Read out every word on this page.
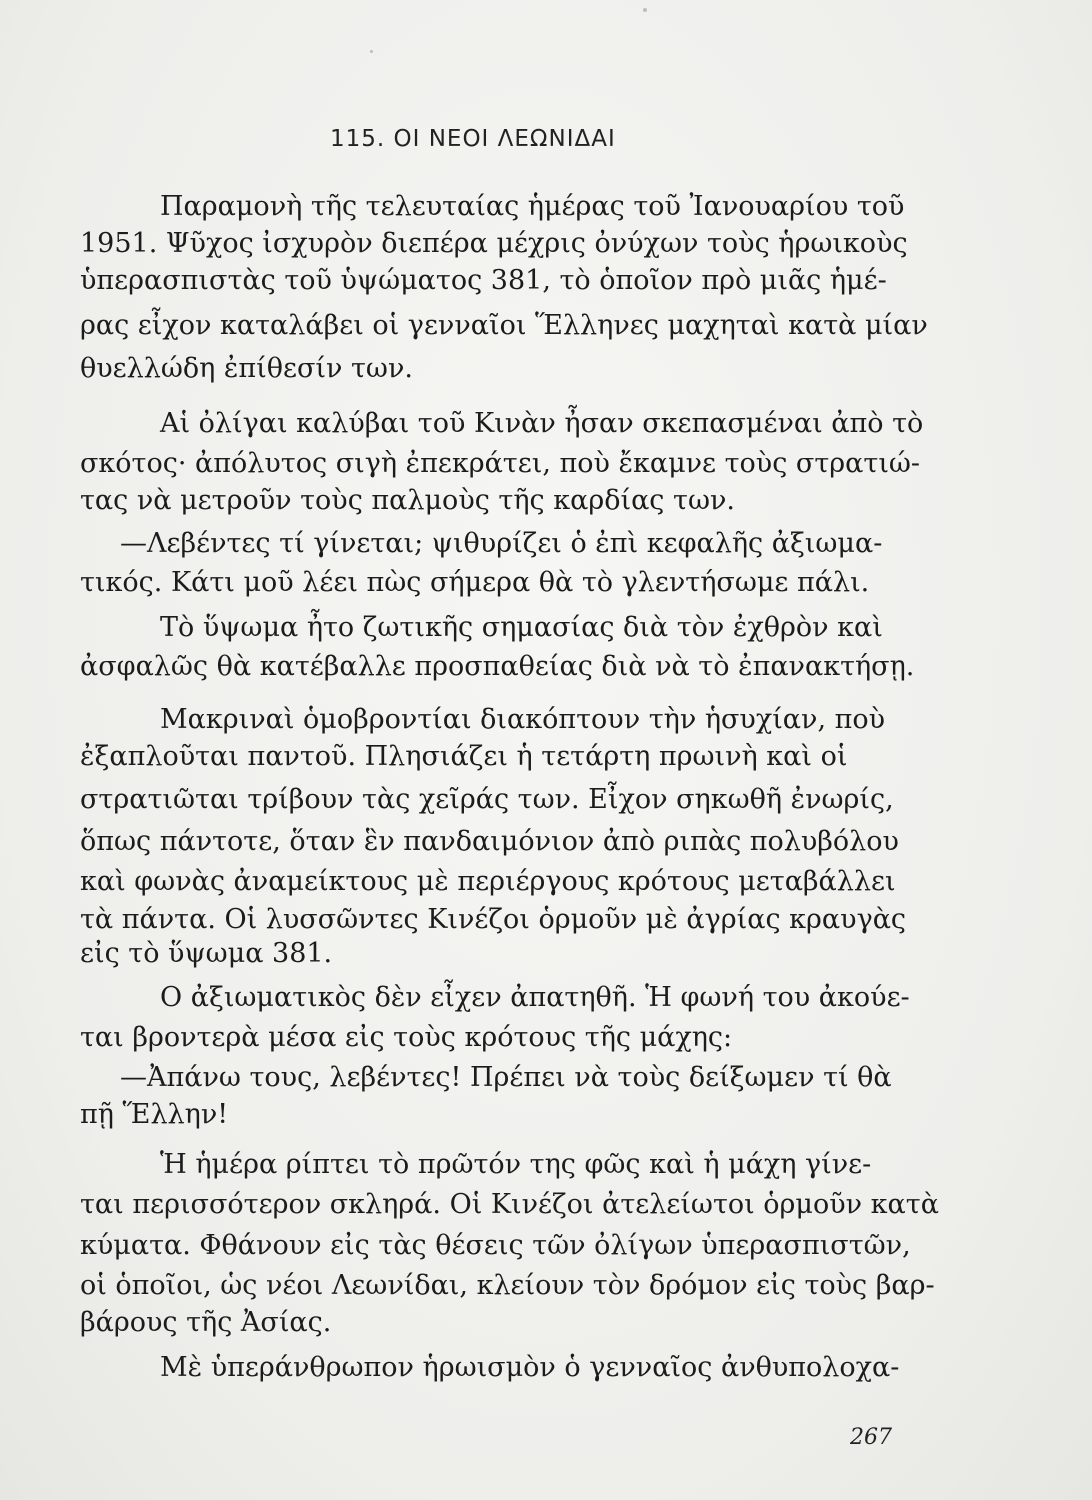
115. ΟΙ ΝΕΟΙ ΛΕΩΝΙΔΑΙ
Παραμονὴ τῆς τελευταίας ἡμέρας τοῦ Ἰανουαρίου τοῦ
1951. Ψῦχος ἰσχυρὸν διεπέρα μέχρις ὀνύχων τοὺς ἡρωικοὺς
ὑπερασπιστὰς τοῦ ὑψώματος 381, τὸ ὁποῖον πρὸ μιᾶς ἡμέ-
ρας εἶχον καταλάβει οἱ γενναῖοι Ἕλληνες μαχηταὶ κατὰ μίαν
θυελλώδη ἐπίθεσίν των.
Αἱ ὀλίγαι καλύβαι τοῦ Κινὰν ἦσαν σκεπασμέναι ἀπὸ τὸ
σκότος· ἀπόλυτος σιγὴ ἐπεκράτει, ποὺ ἔκαμνε τοὺς στρατιώ-
τας νὰ μετροῦν τοὺς παλμοὺς τῆς καρδίας των.
—Λεβέντες τί γίνεται; ψιθυρίζει ὁ ἐπὶ κεφαλῆς ἀξιωμα-
τικός. Κάτι μοῦ λέει πὼς σήμερα θὰ τὸ γλεντήσωμε πάλι.
Τὸ ὕψωμα ἦτο ζωτικῆς σημασίας διὰ τὸν ἐχθρὸν καὶ
ἀσφαλῶς θὰ κατέβαλλε προσπαθείας διὰ νὰ τὸ ἐπανακτήσῃ.
Μακριναὶ ὁμοβροντίαι διακόπτουν τὴν ἡσυχίαν, ποὺ
ἐξαπλοῦται παντοῦ. Πλησιάζει ἡ τετάρτη πρωινὴ καὶ οἱ
στρατιῶται τρίβουν τὰς χεῖράς των. Εἶχον σηκωθῆ ἐνωρίς,
ὅπως πάντοτε, ὅταν ἓν πανδαιμόνιον ἀπὸ ριπὰς πολυβόλου
καὶ φωνὰς ἀναμείκτους μὲ περιέργους κρότους μεταβάλλει
τὰ πάντα. Οἱ λυσσῶντες Κινέζοι ὁρμοῦν μὲ ἀγρίας κραυγὰς
εἰς τὸ ὕψωμα 381.
Ο ἀξιωματικὸς δὲν εἶχεν ἀπατηθῆ. Ἡ φωνή του ἀκούε-
ται βροντερὰ μέσα εἰς τοὺς κρότους τῆς μάχης:
—Ἀπάνω τους, λεβέντες! Πρέπει νὰ τοὺς δείξωμεν τί θὰ
πῇ Ἕλλην!
Ἡ ἡμέρα ρίπτει τὸ πρῶτόν της φῶς καὶ ἡ μάχη γίνε-
ται περισσότερον σκληρά. Οἱ Κινέζοι ἀτελείωτοι ὁρμοῦν κατὰ
κύματα. Φθάνουν εἰς τὰς θέσεις τῶν ὀλίγων ὑπερασπιστῶν,
οἱ ὁποῖοι, ὡς νέοι Λεωνίδαι, κλείουν τὸν δρόμον εἰς τοὺς βαρ-
βάρους τῆς Ἀσίας.
Μὲ ὑπεράνθρωπον ἡρωισμὸν ὁ γενναῖος ἀνθυπολοχα-
267
